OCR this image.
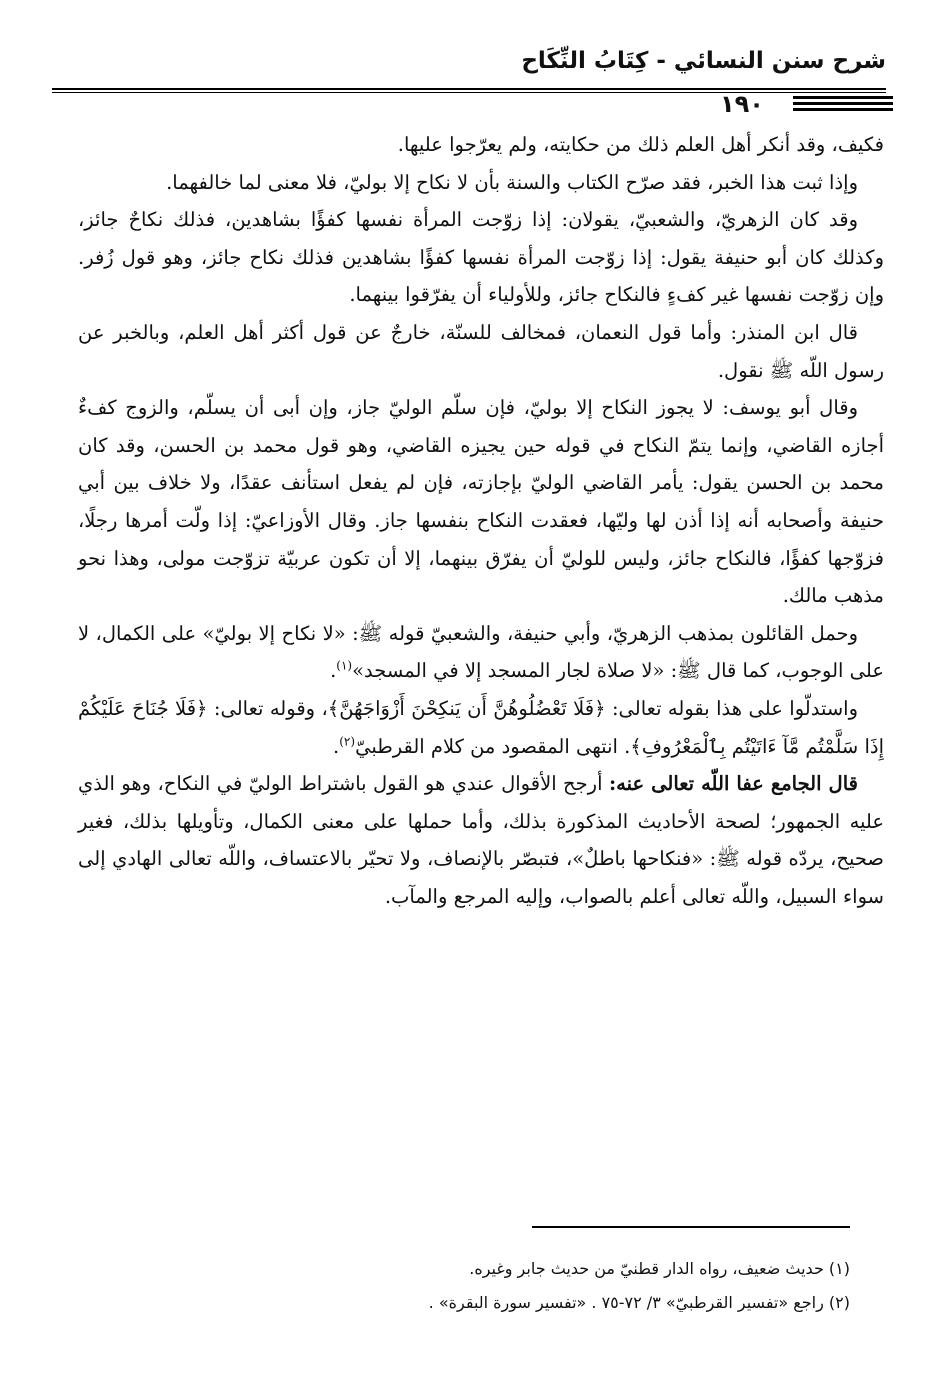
شرح سنن النسائي - كِتَابُ النِّكَاح
١٩٠

فكيف، وقد أنكر أهل العلم ذلك من حكايته، ولم يعرّجوا عليها.

وإذا ثبت هذا الخبر، فقد صرّح الكتاب والسنة بأن لا نكاح إلا بوليّ، فلا معنى لما خالفهما.

وقد كان الزهريّ، والشعبيّ، يقولان: إذا زوّجت المرأة نفسها كفؤًا بشاهدين، فذلك نكاحٌ جائز، وكذلك كان أبو حنيفة يقول: إذا زوّجت المرأة نفسها كفؤًا بشاهدين فذلك نكاح جائز، وهو قول زُفر. وإن زوّجت نفسها غير كفءٍ فالنكاح جائز، وللأولياء أن يفرّقوا بينهما.

قال ابن المنذر: وأما قول النعمان، فمخالف للسنّة، خارجٌ عن قول أكثر أهل العلم، وبالخبر عن رسول اللّه ﷺ نقول.

وقال أبو يوسف: لا يجوز النكاح إلا بوليّ، فإن سلّم الوليّ جاز، وإن أبى أن يسلّم، والزوج كفءٌ أجازه القاضي، وإنما يتمّ النكاح في قوله حين يجيزه القاضي، وهو قول محمد بن الحسن، وقد كان محمد بن الحسن يقول: يأمر القاضي الوليّ بإجازته، فإن لم يفعل استأنف عقدًا، ولا خلاف بين أبي حنيفة وأصحابه أنه إذا أذن لها وليّها، فعقدت النكاح بنفسها جاز. وقال الأوزاعيّ: إذا ولّت أمرها رجلًا، فزوّجها كفؤًا، فالنكاح جائز، وليس للوليّ أن يفرّق بينهما، إلا أن تكون عربيّة تزوّجت مولى، وهذا نحو مذهب مالك.

وحمل القائلون بمذهب الزهريّ، وأبي حنيفة، والشعبيّ قوله ﷺ: «لا نكاح إلا بوليّ» على الكمال، لا على الوجوب، كما قال ﷺ: «لا صلاة لجار المسجد إلا في المسجد»$^{(١)}$.

واستدلّوا على هذا بقوله تعالى: ﴿فَلَا تَعْضُلُوهُنَّ أَن يَنكِحْنَ أَزْوَاجَهُنَّ﴾، وقوله تعالى: ﴿فَلَا جُنَاحَ عَلَيْكُمْ إِذَا سَلَّمْتُم مَّآ ءَاتَيْتُم بِٱلْمَعْرُوفِ﴾. انتهى المقصود من كلام القرطبيّ$^{(٢)}$.

قال الجامع عفا اللّه تعالى عنه: أرجح الأقوال عندي هو القول باشتراط الوليّ في النكاح، وهو الذي عليه الجمهور؛ لصحة الأحاديث المذكورة بذلك، وأما حملها على معنى الكمال، وتأويلها بذلك، فغير صحيح، يردّه قوله ﷺ: «فنكاحها باطلٌ»، فتبصّر بالإنصاف، ولا تحيّر بالاعتساف، واللّه تعالى الهادي إلى سواء السبيل، واللّه تعالى أعلم بالصواب، وإليه المرجع والمآب.

(١) حديث ضعيف، رواه الدار قطنيّ من حديث جابر وغيره.

(٢) راجع «تفسير القرطبيّ» ٣/ ٧٢-٧٥ . «تفسير سورة البقرة» .
